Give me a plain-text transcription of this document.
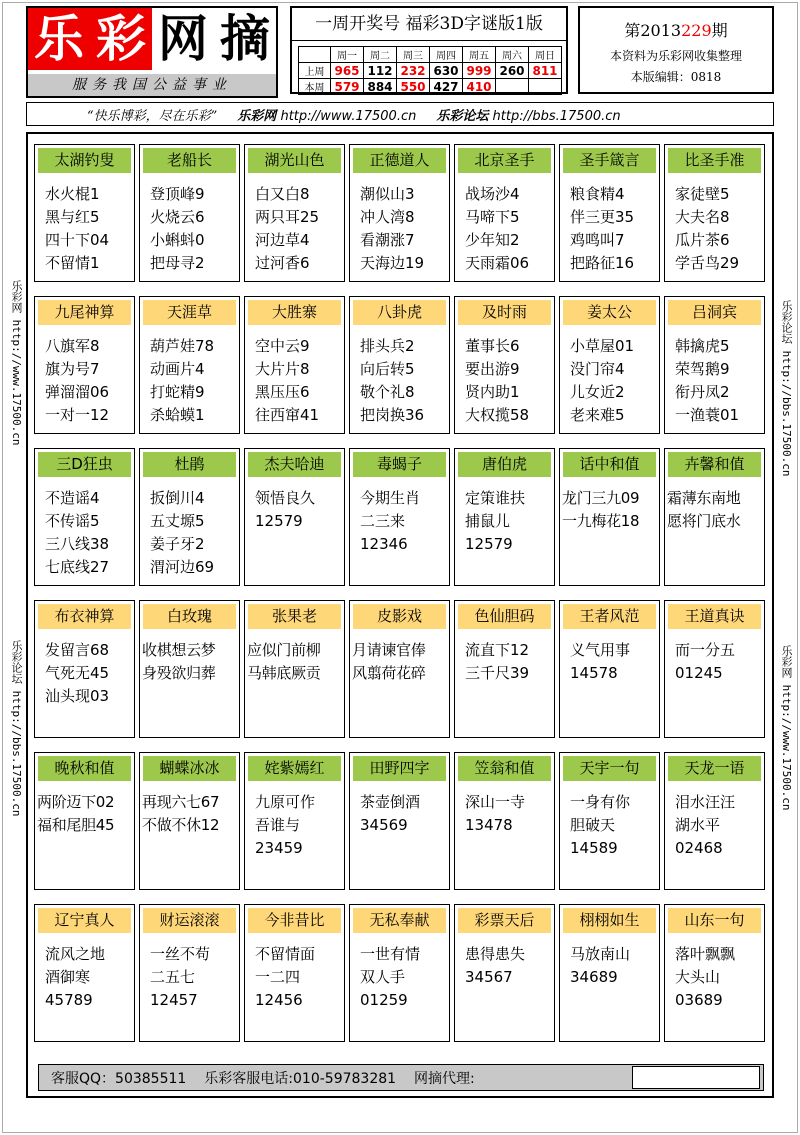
乐 彩 网 摘
服务我国公益事业
一周开奖号 福彩3D字谜版1版
	周一	周二	周三	周四	周五	周六	周日
上周	965	112	232	630	999	260	811
本周	579	884	550	427	410		
第2013229期
本资料为乐彩网收集整理
本版编辑：0818
“快乐博彩，尽在乐彩” 乐彩网 http://www.17500.cn 乐彩论坛 http://bbs.17500.cn
乐彩网 http://www.17500.cn
乐彩论坛 http://bbs.17500.cn
乐彩论坛 http://bbs.17500.cn
乐彩网 http://www.17500.cn
太湖钓叟
水火棍1
黑与红5
四十下04
不留情1
老船长
登顶峰9
火烧云6
小蝌蚪0
把母寻2
湖光山色
白又白8
两只耳25
河边草4
过河香6
正德道人
潮似山3
冲人湾8
看潮涨7
天海边19
北京圣手
战场沙4
马啼下5
少年知2
天雨霜06
圣手箴言
粮食精4
伴三更35
鸡鸣叫7
把路征16
比圣手准
家徒壁5
大夫名8
瓜片茶6
学舌鸟29
九尾神算
八旗军8
旗为号7
弹溜溜06
一对一12
天涯草
葫芦娃78
动画片4
打蛇精9
杀蛤蟆1
大胜寨
空中云9
大片片8
黑压压6
往西窜41
八卦虎
排头兵2
向后转5
敬个礼8
把岗换36
及时雨
董事长6
要出游9
贤内助1
大权揽58
姜太公
小草屋01
没门帘4
儿女近2
老来难5
吕洞宾
韩擒虎5
荣驾鹅9
衔丹凤2
一渔蓑01
三D狂虫
不造谣4
不传谣5
三八线38
七底线27
杜鹃
扳倒川4
五丈塬5
姜子牙2
渭河边69
杰夫哈迪
领悟良久
12579
毒蝎子
今期生肖
二三来
12346
唐伯虎
定策谁扶
捕鼠儿
12579
话中和值
龙门三九09
一九梅花18
卉馨和值
霜薄东南地
愿将门底水
布衣神算
发留言68
气死无45
汕头现03
白玫瑰
收棋想云梦
身殁欲归葬
张果老
应似门前柳
马韩底厥贡
皮影戏
月请谏官俸
风翦荷花碎
色仙胆码
流直下12
三千尺39
王者风范
义气用事
14578
王道真诀
而一分五
01245
晚秋和值
两阶迈下02
福和尾胆45
蝴蝶冰冰
再现六七67
不做不休12
姹紫嫣红
九原可作
吾谁与
23459
田野四字
茶壶倒酒
34569
笠翁和值
深山一寺
13478
天宇一句
一身有你
胆破天
14589
天龙一语
泪水汪汪
湖水平
02468
辽宁真人
流风之地
酒御寒
45789
财运滚滚
一丝不苟
二五七
12457
今非昔比
不留情面
一二四
12456
无私奉献
一世有情
双人手
01259
彩票天后
患得患失
34567
栩栩如生
马放南山
34689
山东一句
落叶飘飘
大头山
03689
客服QQ：50385511 乐彩客服电话:010-59783281 网摘代理:
